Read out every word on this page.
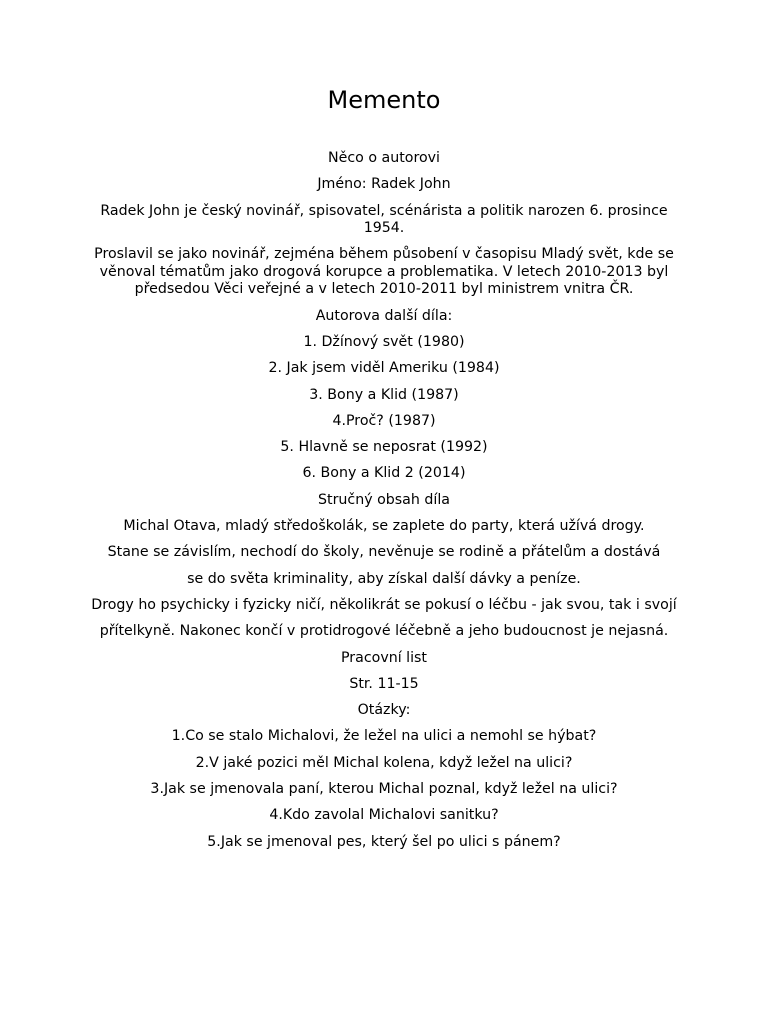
Memento

Něco o autorovi

Jméno: Radek John

Radek John je český novinář, spisovatel, scénárista a politik narozen 6. prosince 1954.

Proslavil se jako novinář, zejména během působení v časopisu Mladý svět, kde se věnoval tématům jako drogová korupce a problematika. V letech 2010-2013 byl předsedou Věci veřejné a v letech 2010-2011 byl ministrem vnitra ČR.

Autorova další díla:

1. Džínový svět (1980)

2. Jak jsem viděl Ameriku (1984)

3. Bony a Klid (1987)

4.Proč? (1987)

5. Hlavně se neposrat (1992)

6. Bony a Klid 2 (2014)

Stručný obsah díla

Michal Otava, mladý středoškolák, se zaplete do party, která užívá drogy.

Stane se závislím, nechodí do školy, nevěnuje se rodině a přátelům a dostává

se do světa kriminality, aby získal další dávky a peníze.

Drogy ho psychicky i fyzicky ničí, několikrát se pokusí o léčbu - jak svou, tak i svojí

přítelkyně. Nakonec končí v protidrogové léčebně a jeho budoucnost je nejasná.

Pracovní list

Str. 11-15

Otázky:

1.Co se stalo Michalovi, že ležel na ulici a nemohl se hýbat?

2.V jaké pozici měl Michal kolena, když ležel na ulici?

3.Jak se jmenovala paní, kterou Michal poznal, když ležel na ulici?

4.Kdo zavolal Michalovi sanitku?

5.Jak se jmenoval pes, který šel po ulici s pánem?
